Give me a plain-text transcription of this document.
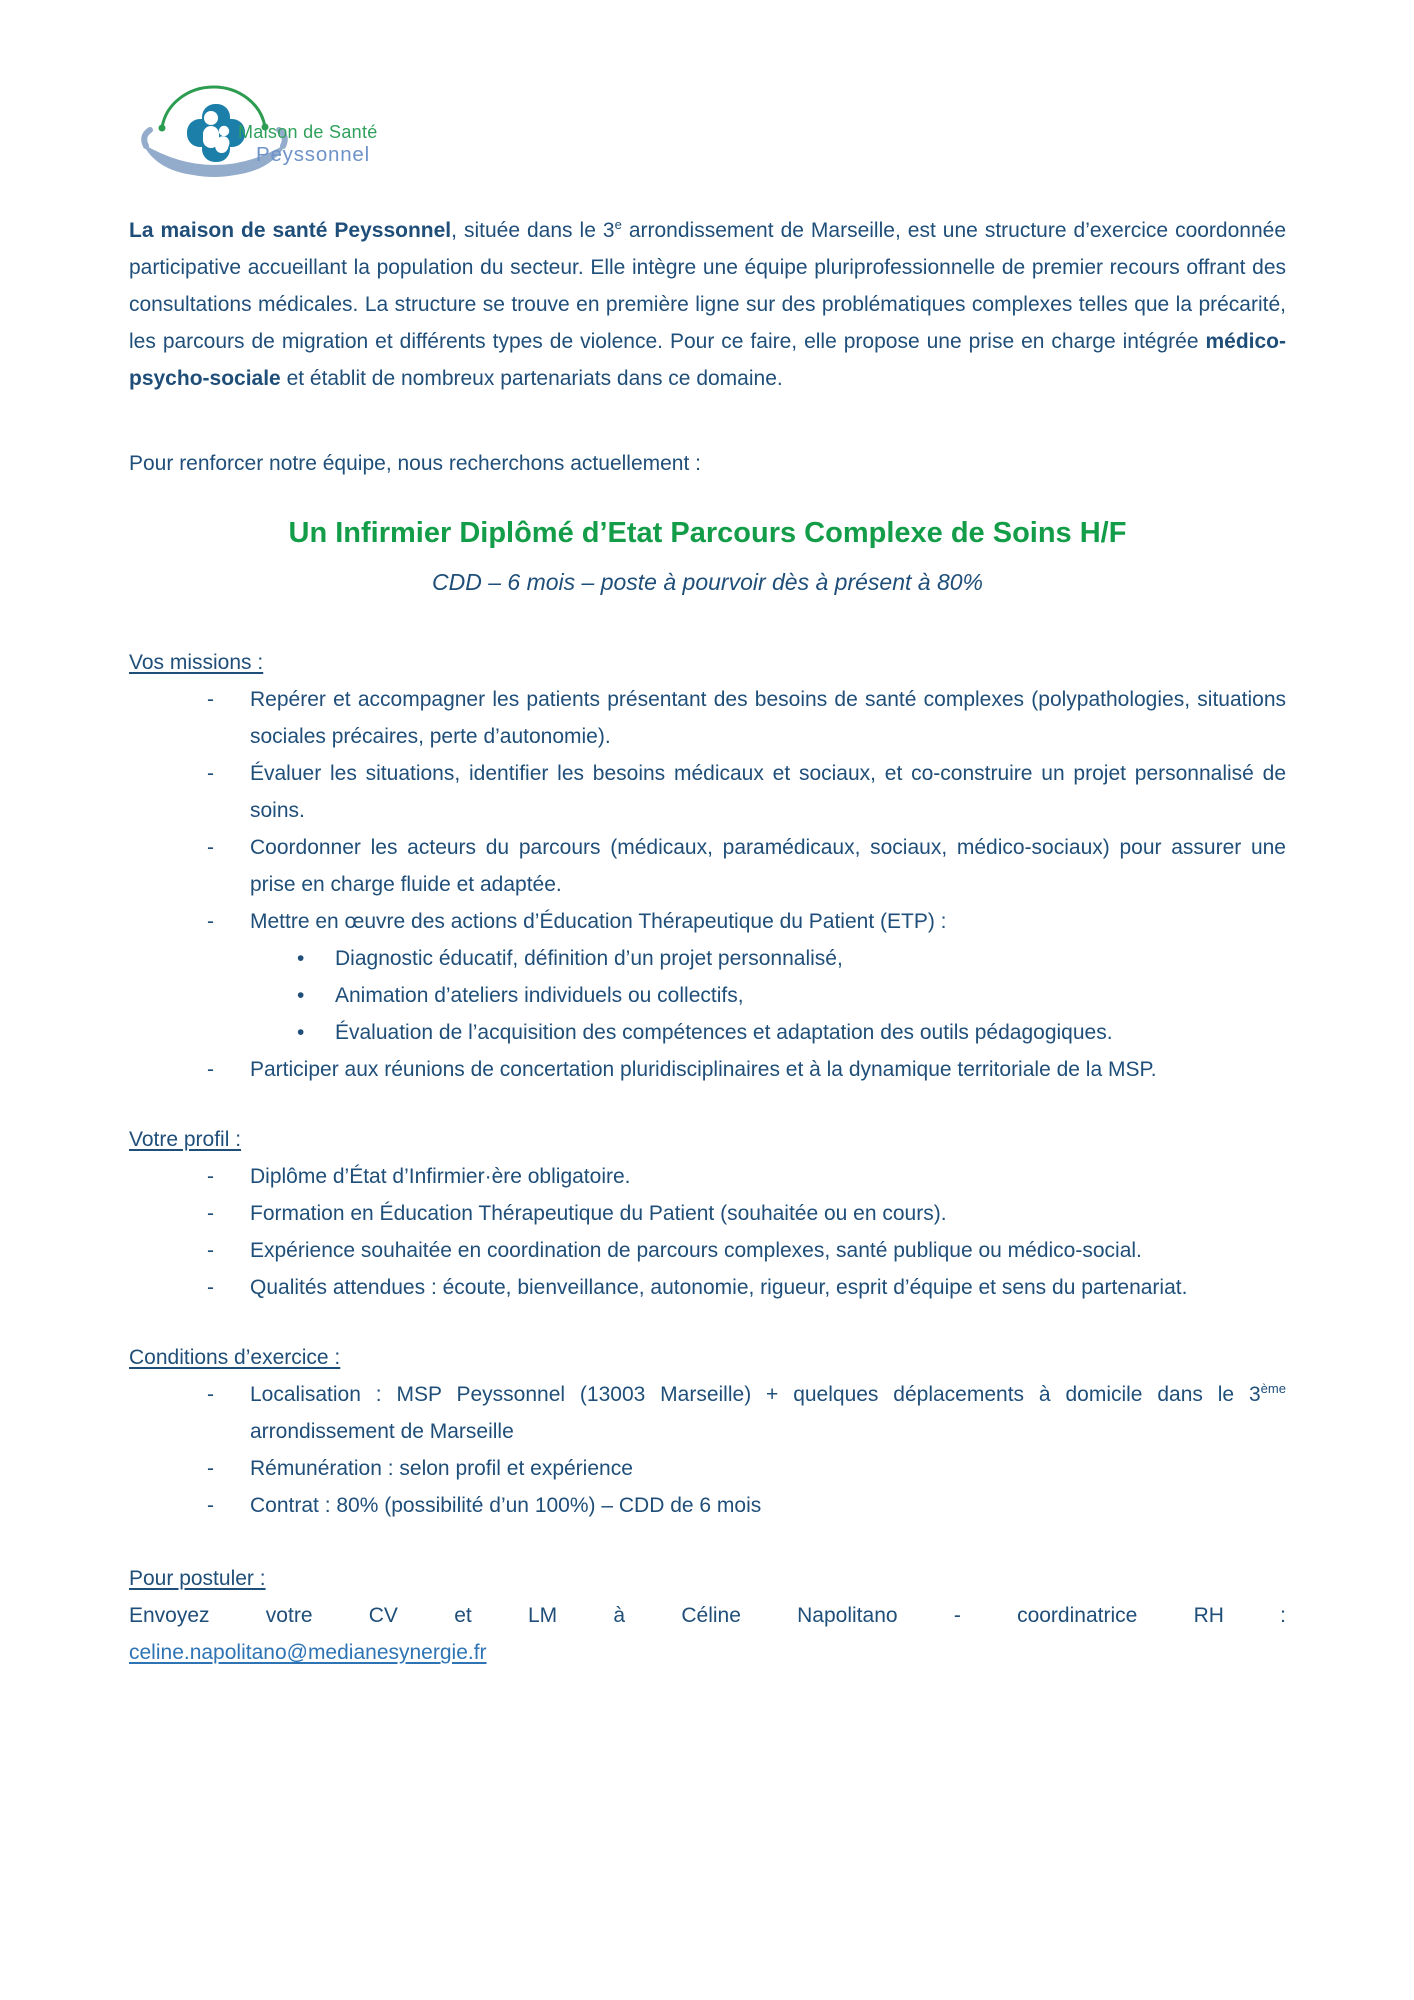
Maison de Santé
Peyssonnel

La maison de santé Peyssonnel, située dans le 3e arrondissement de Marseille, est une structure d’exercice coordonnée participative accueillant la population du secteur. Elle intègre une équipe pluriprofessionnelle de premier recours offrant des consultations médicales. La structure se trouve en première ligne sur des problématiques complexes telles que la précarité, les parcours de migration et différents types de violence. Pour ce faire, elle propose une prise en charge intégrée médico-psycho-sociale et établit de nombreux partenariats dans ce domaine.

Pour renforcer notre équipe, nous recherchons actuellement :

Un Infirmier Diplômé d’Etat Parcours Complexe de Soins H/F
CDD – 6 mois – poste à pourvoir dès à présent à 80%
Vos missions :
-	Repérer et accompagner les patients présentant des besoins de santé complexes (polypathologies, situations sociales précaires, perte d’autonomie).
-	Évaluer les situations, identifier les besoins médicaux et sociaux, et co-construire un projet personnalisé de soins.
-	Coordonner les acteurs du parcours (médicaux, paramédicaux, sociaux, médico-sociaux) pour assurer une prise en charge fluide et adaptée.
-	Mettre en œuvre des actions d’Éducation Thérapeutique du Patient (ETP) :
•	Diagnostic éducatif, définition d’un projet personnalisé,
•	Animation d’ateliers individuels ou collectifs,
•	Évaluation de l’acquisition des compétences et adaptation des outils pédagogiques.
-	Participer aux réunions de concertation pluridisciplinaires et à la dynamique territoriale de la MSP.
Votre profil :
-	Diplôme d’État d’Infirmier·ère obligatoire.
-	Formation en Éducation Thérapeutique du Patient (souhaitée ou en cours).
-	Expérience souhaitée en coordination de parcours complexes, santé publique ou médico-social.
-	Qualités attendues : écoute, bienveillance, autonomie, rigueur, esprit d’équipe et sens du partenariat.
Conditions d’exercice :
-	Localisation : MSP Peyssonnel (13003 Marseille) + quelques déplacements à domicile dans le 3ème arrondissement de Marseille
-	Rémunération : selon profil et expérience
-	Contrat : 80% (possibilité d’un 100%) – CDD de 6 mois
Pour postuler :

Envoyez votre CV et LM à Céline Napolitano - coordinatrice RH :

celine.napolitano@medianesynergie.fr
